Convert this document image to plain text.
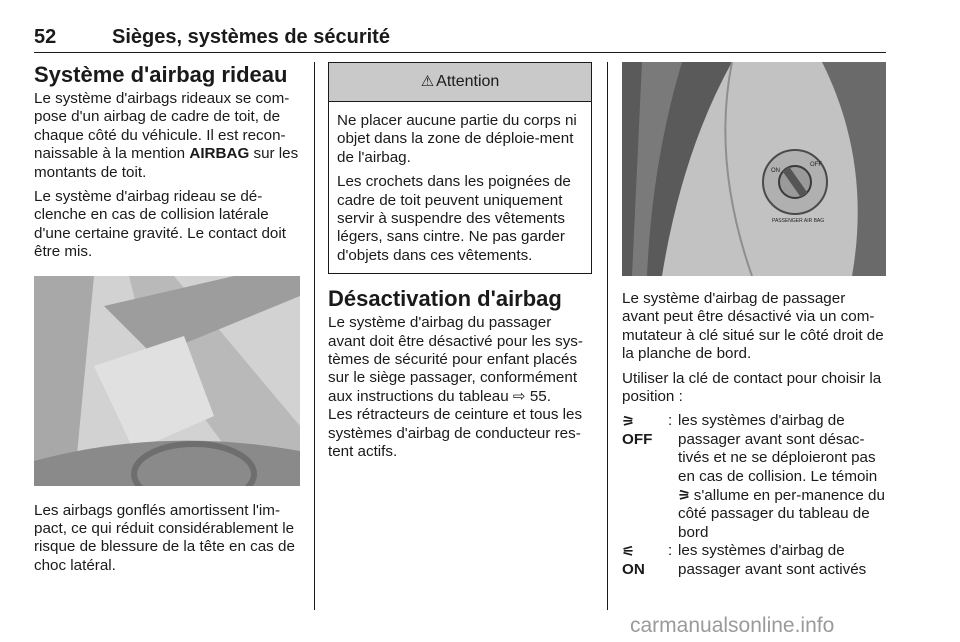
52	Sièges, systèmes de sécurité
Système d'airbag rideau

Le système d'airbags rideaux se com-pose d'un airbag de cadre de toit, de chaque côté du véhicule. Il est recon-naissable à la mention AIRBAG sur les montants de toit.

Le système d'airbag rideau se dé-clenche en cas de collision latérale d'une certaine gravité. Le contact doit être mis.

Les airbags gonflés amortissent l'im-pact, ce qui réduit considérablement le risque de blessure de la tête en cas de choc latéral.

⚠ Attention

Ne placer aucune partie du corps ni objet dans la zone de déploie-ment de l'airbag.

Les crochets dans les poignées de cadre de toit peuvent uniquement servir à suspendre des vêtements légers, sans cintre. Ne pas garder d'objets dans ces vêtements.

Désactivation d'airbag

Le système d'airbag du passager avant doit être désactivé pour les sys-tèmes de sécurité pour enfant placés sur le siège passager, conformément aux instructions du tableau ⇨ 55.

Les rétracteurs de ceinture et tous les systèmes d'airbag de conducteur res-tent actifs.

ON
OFF
PASSENGER AIR BAG

Le système d'airbag de passager avant peut être désactivé via un com-mutateur à clé situé sur le côté droit de la planche de bord.

Utiliser la clé de contact pour choisir la position :

⚞
OFF
: les systèmes d'airbag de passager avant sont désac-tivés et ne se déploieront pas en cas de collision. Le témoin ⚞ s'allume en per-manence du côté passager du tableau de bord
⚟
ON
: les systèmes d'airbag de passager avant sont activés
carmanualsonline.info
